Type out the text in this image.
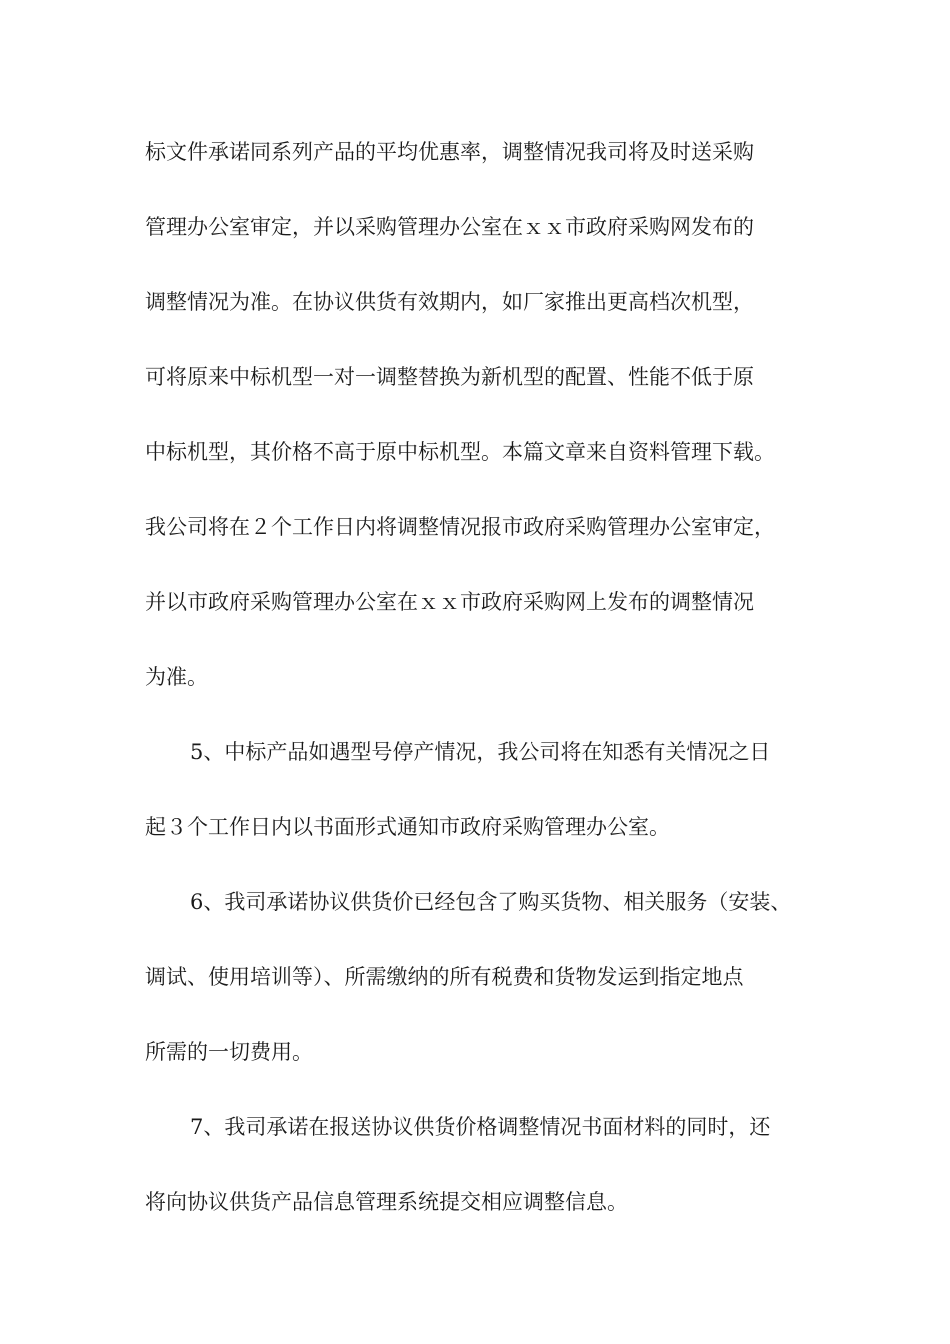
标文件承诺同系列产品的平均优惠率，调整情况我司将及时送采购
管理办公室审定，并以采购管理办公室在ｘｘ市政府采购网发布的
调整情况为准。在协议供货有效期内，如厂家推出更高档次机型，
可将原来中标机型一对一调整替换为新机型的配置、性能不低于原
中标机型，其价格不高于原中标机型。本篇文章来自资料管理下载。
我公司将在２个工作日内将调整情况报市政府采购管理办公室审定，
并以市政府采购管理办公室在ｘｘ市政府采购网上发布的调整情况
为准。
5、中标产品如遇型号停产情况，我公司将在知悉有关情况之日
起３个工作日内以书面形式通知市政府采购管理办公室。
6、我司承诺协议供货价已经包含了购买货物、相关服务（安装、
调试、使用培训等）、所需缴纳的所有税费和货物发运到指定地点
所需的一切费用。
7、我司承诺在报送协议供货价格调整情况书面材料的同时，还
将向协议供货产品信息管理系统提交相应调整信息。
